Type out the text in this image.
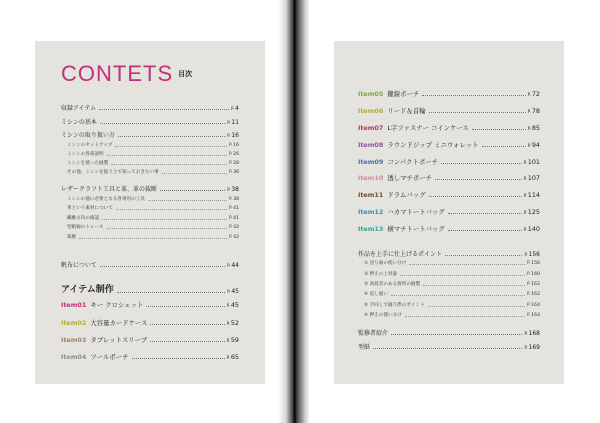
CONTETS $^{目次}$
収録アイテム	P.4
ミシンの基本	P.11
ミシンの取り扱い方	P.16
ミシンのセットアップ	P.16
ミシンの各部説明	P.26
ミシンを使った縫製	P.28
その他、ミシンを扱う上で知っておきたい事	P.36
レザークラフト工具と革、革の裁断	P.38
ミシンの他に必要となる各専用の工具	P.38
革という素材について	P.41
繊維方向の確認	P.41
型紙線のトレース	P.42
裁断	P.42
帆布について	P.44
アイテム制作	P.45
Item01 キー クロシェット	P.45
Item02 大容量カードケース	P.52
Item03 タブレットスリーブ	P.59
Item04 ツールポーチ	P.65
Item05 鍵線ポーチ	P.72
Item06 リード＆首輪	P.78
Item07 L字ファスナー コインケース	P.85
Item08 ラウンドジップ ミニウォレット	P.94
Item09 コンパクトポーチ	P.101
Item10 透しマチポーチ	P.107
Item11 ドラムバッグ	P.114
Item12 ハカマトートバッグ	P.125
Item13 横マチトートバッグ	P.140
作品を上手に仕上げるポイント	P.156
① 送り歯の使い分け	P.156
② 押えの上昇量	P.160
③ 高低差のある箇所の縫製	P.162
④ 返し縫い	P.162
⑤ 手回しで縫う際のポイント	P.164
⑥ 押えの使い分け	P.164
監修者紹介	P.168
型紙	P.169
